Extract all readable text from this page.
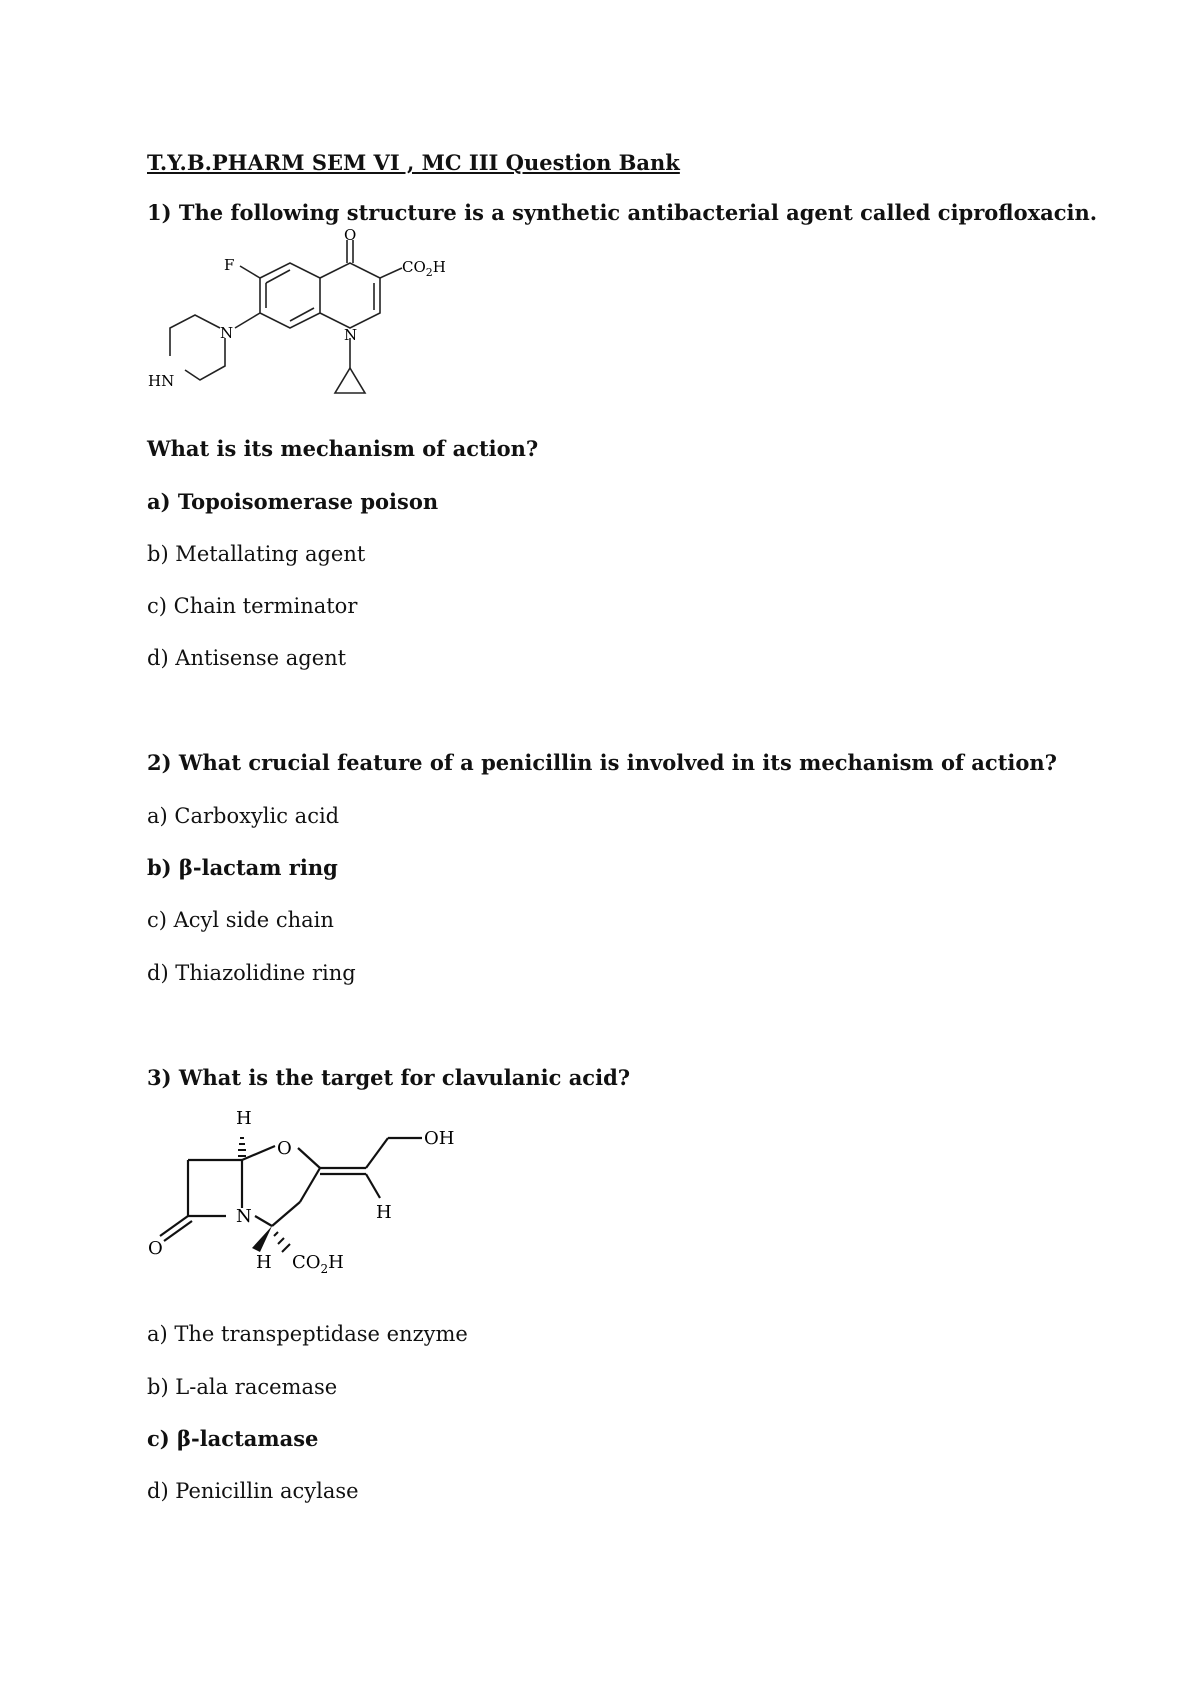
T.Y.B.PHARM SEM VI , MC III Question Bank
1) The following structure is a synthetic antibacterial agent called ciprofloxacin.
O
F	$CO_2H$
N
N
HN
What is its mechanism of action?
a) Topoisomerase poison
b) Metallating agent
c) Chain terminator
d) Antisense agent
2) What crucial feature of a penicillin is involved in its mechanism of action?
a) Carboxylic acid
b) β-lactam ring
c) Acyl side chain
d) Thiazolidine ring
3) What is the target for clavulanic acid?
H
O	OH
N	H
O
H $CO_2H$
a) The transpeptidase enzyme
b) L-ala racemase
c) β-lactamase
d) Penicillin acylase
